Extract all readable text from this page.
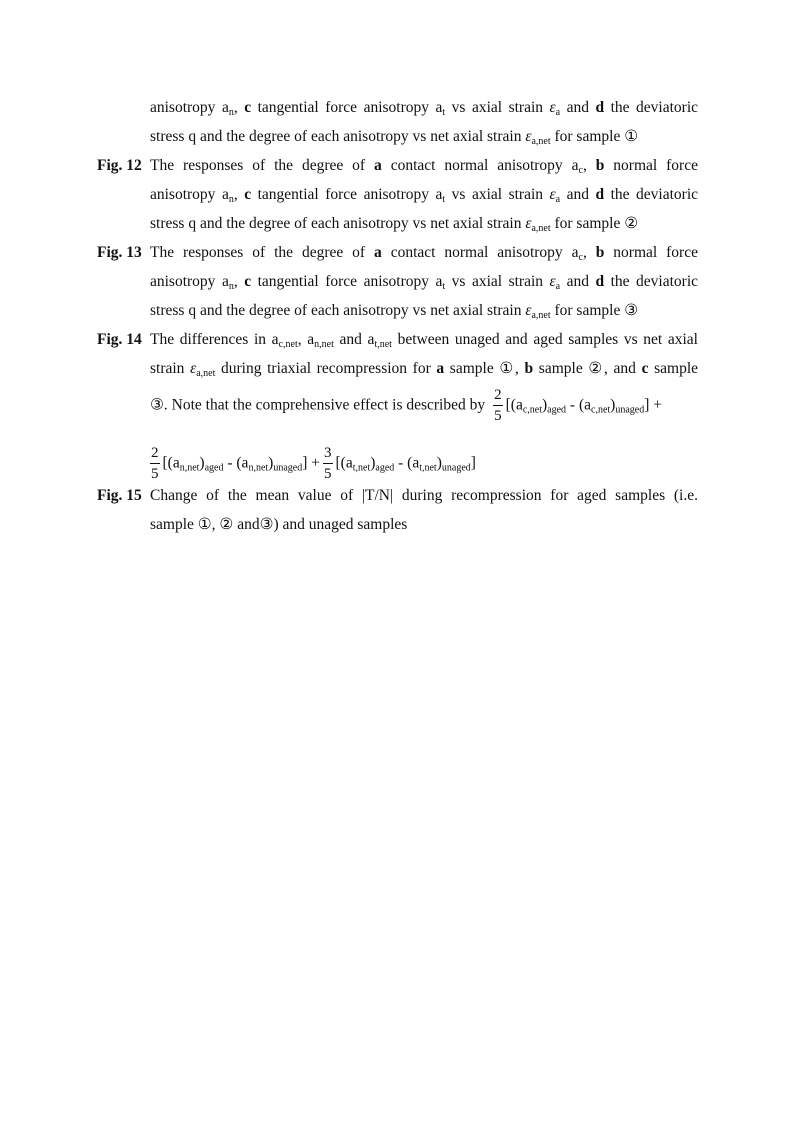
anisotropy $a_n$, c tangential force anisotropy $a_t$ vs axial strain $\varepsilon_a$ and d the deviatoric
stress q and the degree of each anisotropy vs net axial strain $\varepsilon_{a,net}$ for sample ①
Fig. 12 The responses of the degree of a contact normal anisotropy $a_c$, b normal force
anisotropy $a_n$, c tangential force anisotropy $a_t$ vs axial strain $\varepsilon_a$ and d the deviatoric
stress q and the degree of each anisotropy vs net axial strain $\varepsilon_{a,net}$ for sample ②
Fig. 13 The responses of the degree of a contact normal anisotropy $a_c$, b normal force
anisotropy $a_n$, c tangential force anisotropy $a_t$ vs axial strain $\varepsilon_a$ and d the deviatoric
stress q and the degree of each anisotropy vs net axial strain $\varepsilon_{a,net}$ for sample ③
Fig. 14 The differences in $a_{c,net}$, $a_{n,net}$ and $a_{t,net}$ between unaged and aged samples vs net axial
strain $\varepsilon_{a,net}$ during triaxial recompression for a sample ①, b sample ②, and c sample
③. Note that the comprehensive effect is described by $\frac{2}{5} [(a_{c,net})_{aged} - (a_{c,net})_{unaged}]$ +
$\frac{2}{5} [(a_{n,net})_{aged} - (a_{n,net})_{unaged}] + \frac{3}{5} [(a_{t,net})_{aged} - (a_{t,net})_{unaged}]$
Fig. 15 Change of the mean value of |T/N| during recompression for aged samples (i.e.
sample ①, ② and③) and unaged samples
